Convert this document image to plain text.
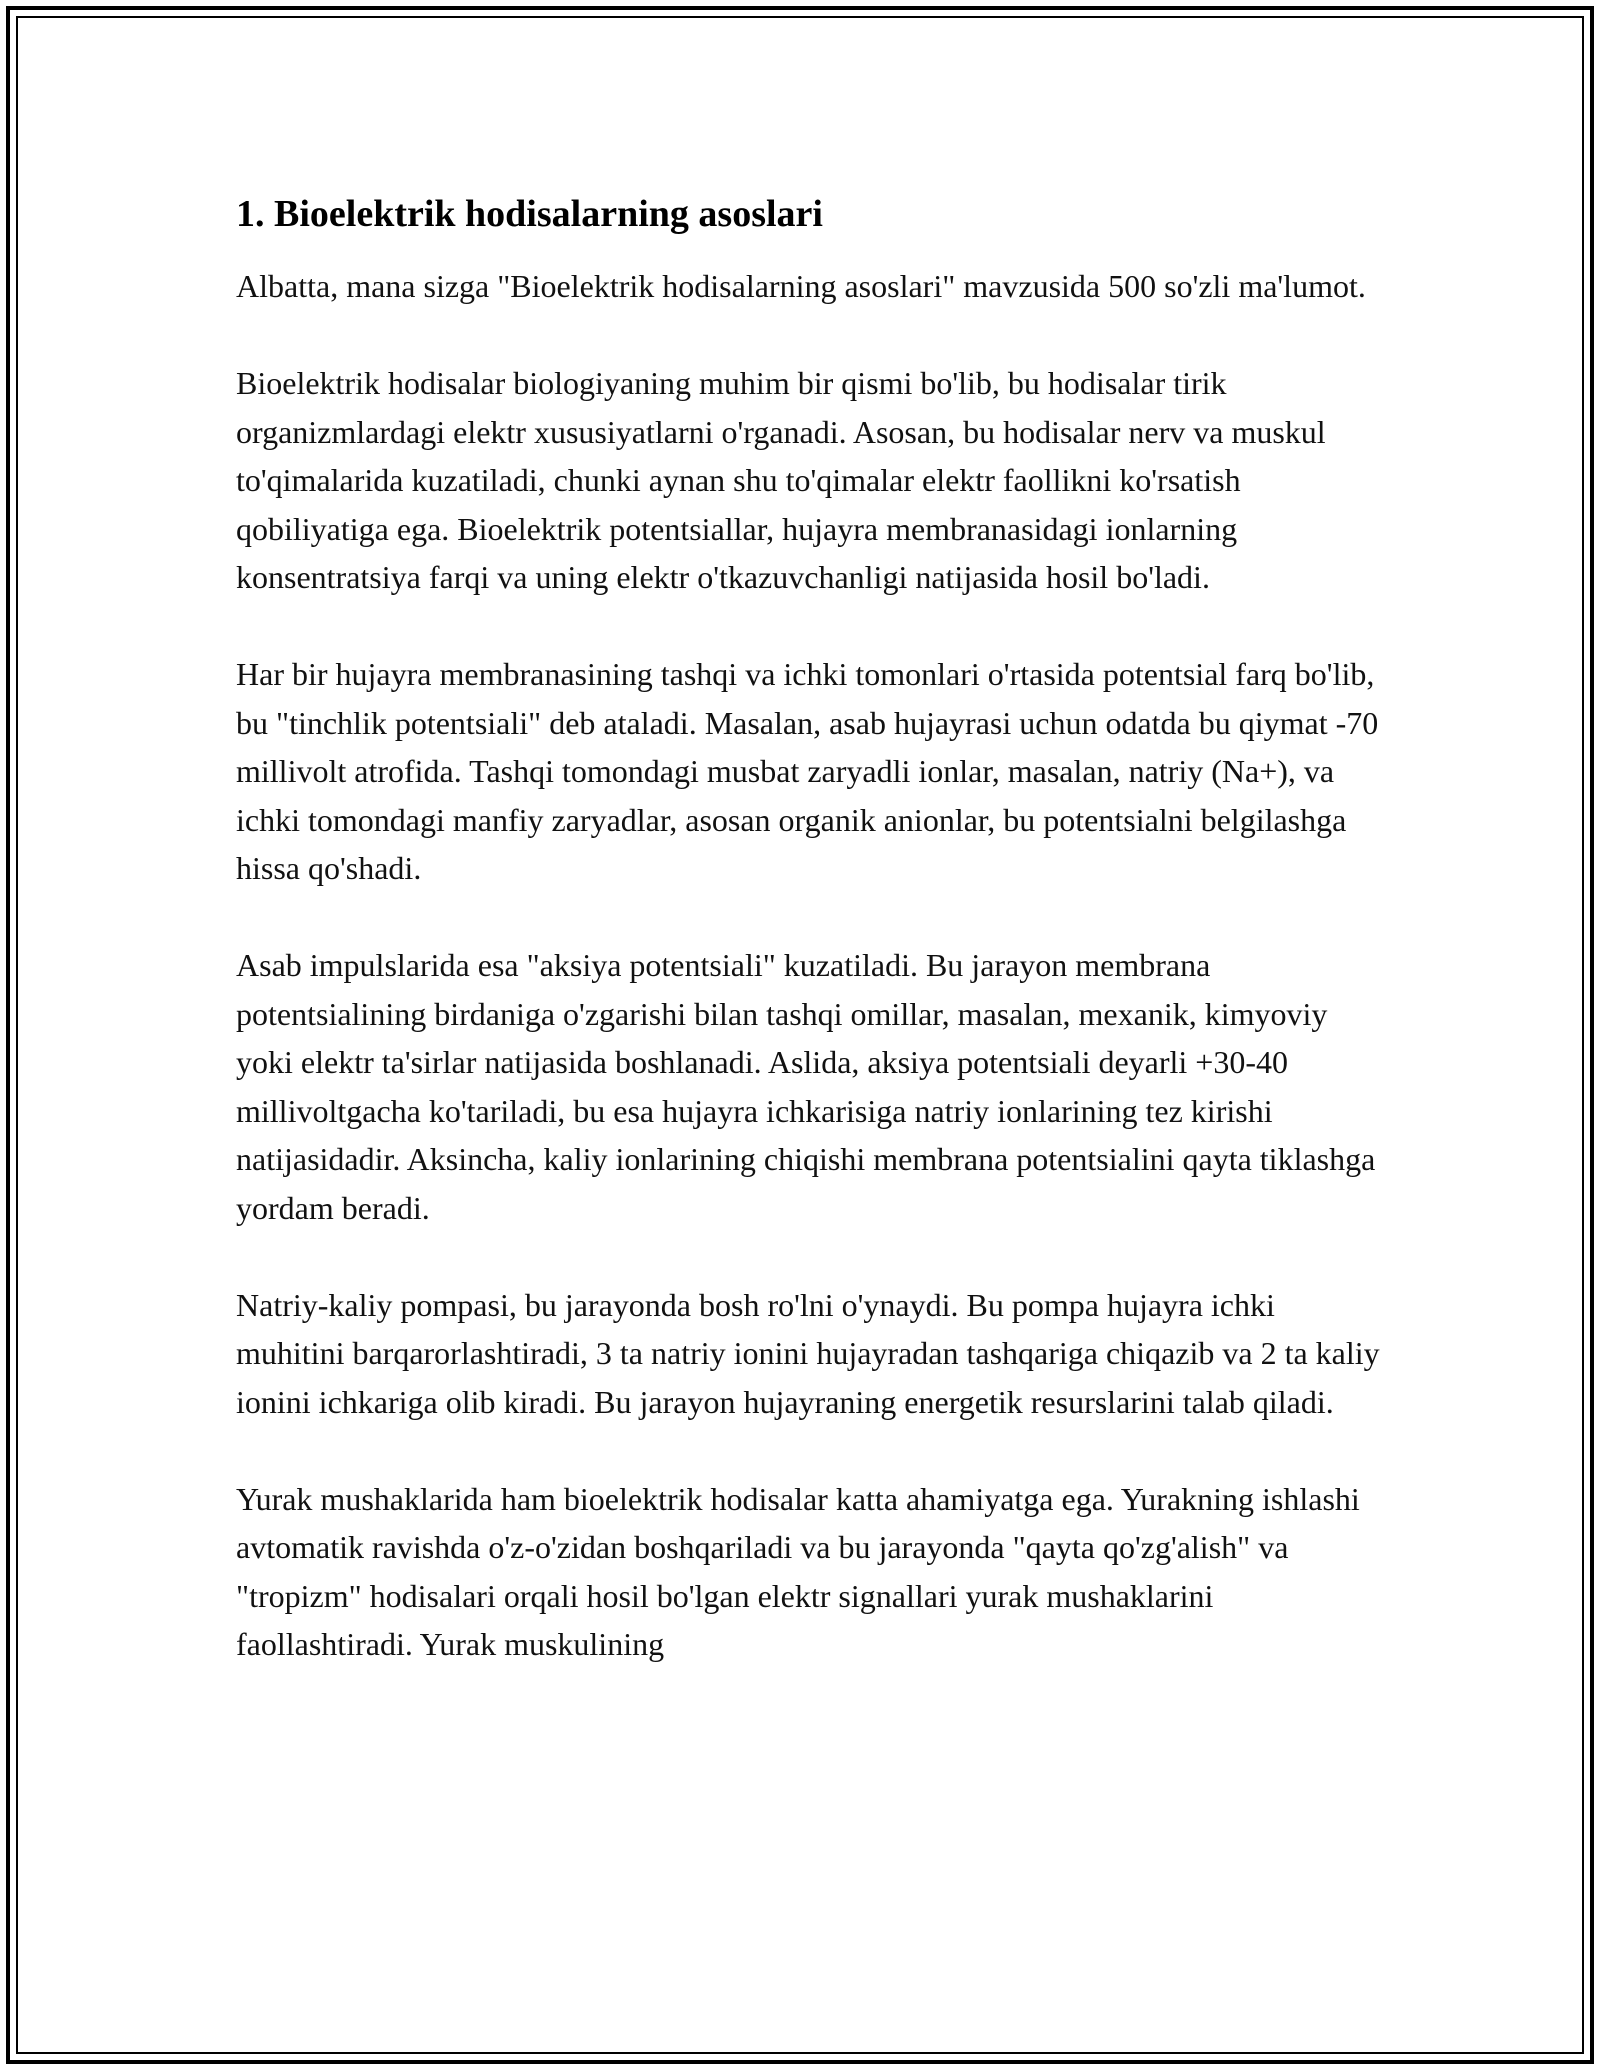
1. Bioelektrik hodisalarning asoslari

Albatta, mana sizga "Bioelektrik hodisalarning asoslari" mavzusida 500 so'zli ma'lumot.

Bioelektrik hodisalar biologiyaning muhim bir qismi bo'lib, bu hodisalar tirik organizmlardagi elektr xususiyatlarni o'rganadi. Asosan, bu hodisalar nerv va muskul to'qimalarida kuzatiladi, chunki aynan shu to'qimalar elektr faollikni ko'rsatish qobiliyatiga ega. Bioelektrik potentsiallar, hujayra membranasidagi ionlarning konsentratsiya farqi va uning elektr o'tkazuvchanligi natijasida hosil bo'ladi.

Har bir hujayra membranasining tashqi va ichki tomonlari o'rtasida potentsial farq bo'lib, bu "tinchlik potentsiali" deb ataladi. Masalan, asab hujayrasi uchun odatda bu qiymat -70 millivolt atrofida. Tashqi tomondagi musbat zaryadli ionlar, masalan, natriy (Na+), va ichki tomondagi manfiy zaryadlar, asosan organik anionlar, bu potentsialni belgilashga hissa qo'shadi.

Asab impulslarida esa "aksiya potentsiali" kuzatiladi. Bu jarayon membrana potentsialining birdaniga o'zgarishi bilan tashqi omillar, masalan, mexanik, kimyoviy yoki elektr ta'sirlar natijasida boshlanadi. Aslida, aksiya potentsiali deyarli +30-40 millivoltgacha ko'tariladi, bu esa hujayra ichkarisiga natriy ionlarining tez kirishi natijasidadir. Aksincha, kaliy ionlarining chiqishi membrana potentsialini qayta tiklashga yordam beradi.

Natriy-kaliy pompasi, bu jarayonda bosh ro'lni o'ynaydi. Bu pompa hujayra ichki muhitini barqarorlashtiradi, 3 ta natriy ionini hujayradan tashqariga chiqazib va 2 ta kaliy ionini ichkariga olib kiradi. Bu jarayon hujayraning energetik resurslarini talab qiladi.

Yurak mushaklarida ham bioelektrik hodisalar katta ahamiyatga ega. Yurakning ishlashi avtomatik ravishda o'z-o'zidan boshqariladi va bu jarayonda "qayta qo'zg'alish" va "tropizm" hodisalari orqali hosil bo'lgan elektr signallari yurak mushaklarini faollashtiradi. Yurak muskulining
